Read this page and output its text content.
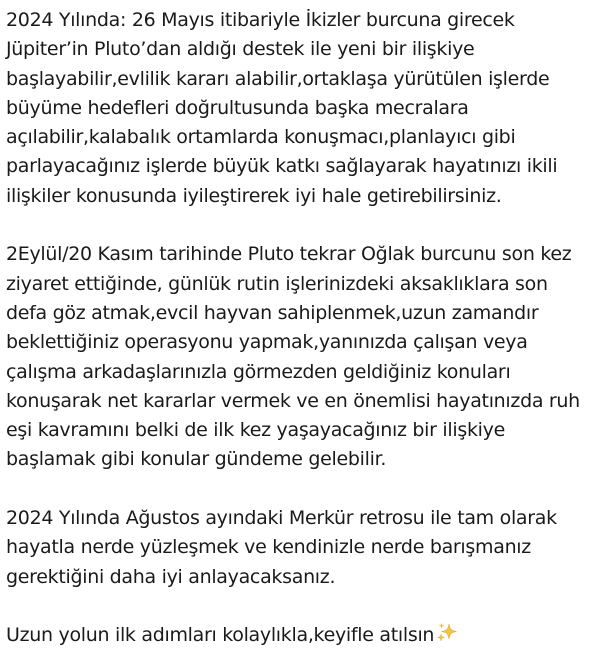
2024 Yılında: 26 Mayıs itibariyle İkizler burcuna girecek
Jüpiter’in Pluto’dan aldığı destek ile yeni bir ilişkiye
başlayabilir,evlilik kararı alabilir,ortaklaşa yürütülen işlerde
büyüme hedefleri doğrultusunda başka mecralara
açılabilir,kalabalık ortamlarda konuşmacı,planlayıcı gibi
parlayacağınız işlerde büyük katkı sağlayarak hayatınızı ikili
ilişkiler konusunda iyileştirerek iyi hale getirebilirsiniz.

2Eylül/20 Kasım tarihinde Pluto tekrar Oğlak burcunu son kez
ziyaret ettiğinde, günlük rutin işlerinizdeki aksaklıklara son
defa göz atmak,evcil hayvan sahiplenmek,uzun zamandır
beklettiğiniz operasyonu yapmak,yanınızda çalışan veya
çalışma arkadaşlarınızla görmezden geldiğiniz konuları
konuşarak net kararlar vermek ve en önemlisi hayatınızda ruh
eşi kavramını belki de ilk kez yaşayacağınız bir ilişkiye
başlamak gibi konular gündeme gelebilir.

2024 Yılında Ağustos ayındaki Merkür retrosu ile tam olarak
hayatla nerde yüzleşmek ve kendinizle nerde barışmanız
gerektiğini daha iyi anlayacaksanız.

Uzun yolun ilk adımları kolaylıkla,keyifle atılsın
